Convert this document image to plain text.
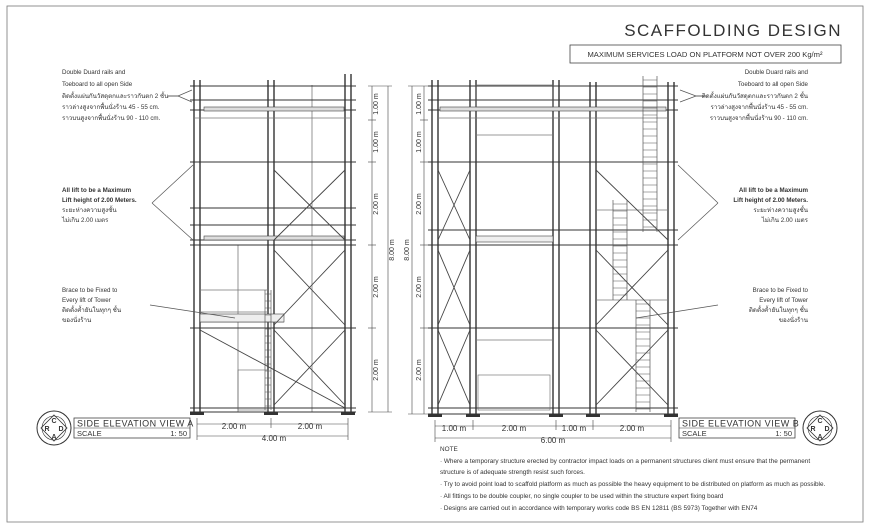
SCAFFOLDING DESIGN
MAXIMUM SERVICES LOAD ON PLATFORM NOT OVER 200 Kg/m²
2.00 m	2.00 m
4.00 m
1.00 m
1.00 m
2.00 m
2.00 m
2.00 m
8.00 m
1.00 m	2.00 m	1.00 m	2.00 m
6.00 m
1.00 m
1.00 m
2.00 m
2.00 m
2.00 m
8.00 m
Double Duard rails and
Toeboard to all open Side
ติดตั้งแผ่นกันวัสดุตกและราวกันตก 2 ชั้น
ราวล่างสูงจากพื้นนั่งร้าน 45 - 55 cm.
ราวบนสูงจากพื้นนั่งร้าน 90 - 110 cm.
All lift to be a Maximum
Lift height of 2.00 Meters.
ระยะห่างความสูงชั้น
ไม่เกิน 2.00 เมตร
Brace to be Fixed to
Every lift of Tower
ติดตั้งค้ำยันในทุกๆ ชั้น
ของนั่งร้าน
Double Duard rails and
Toeboard to all open Side
ติดตั้งแผ่นกันวัสดุตกและราวกันตก 2 ชั้น
ราวล่างสูงจากพื้นนั่งร้าน 45 - 55 cm.
ราวบนสูงจากพื้นนั่งร้าน 90 - 110 cm.
All lift to be a Maximum
Lift height of 2.00 Meters.
ระยะห่างความสูงชั้น
ไม่เกิน 2.00 เมตร
Brace to be Fixed to
Every lift of Tower
ติดตั้งค้ำยันในทุกๆ ชั้น
ของนั่งร้าน
C
R D
A
C
R D
A
SIDE ELEVATION VIEW A
SCALE	1: 50
SIDE ELEVATION VIEW B
SCALE	1: 50
NOTE
· Where a temporary structure erected by contractor impact loads on a permanent structures client must ensure that the permanent
structure is of adequate strength resist such forces.
· Try to avoid point load to scaffold platform as much as possible the heavy equipment to be distributed on platform as much as possible.
· All fittings to be double coupler, no single coupler to be used within the structure expert fixing board
· Designs are carried out in accordance with temporary works code BS EN 12811 (BS 5973) Together with EN74
